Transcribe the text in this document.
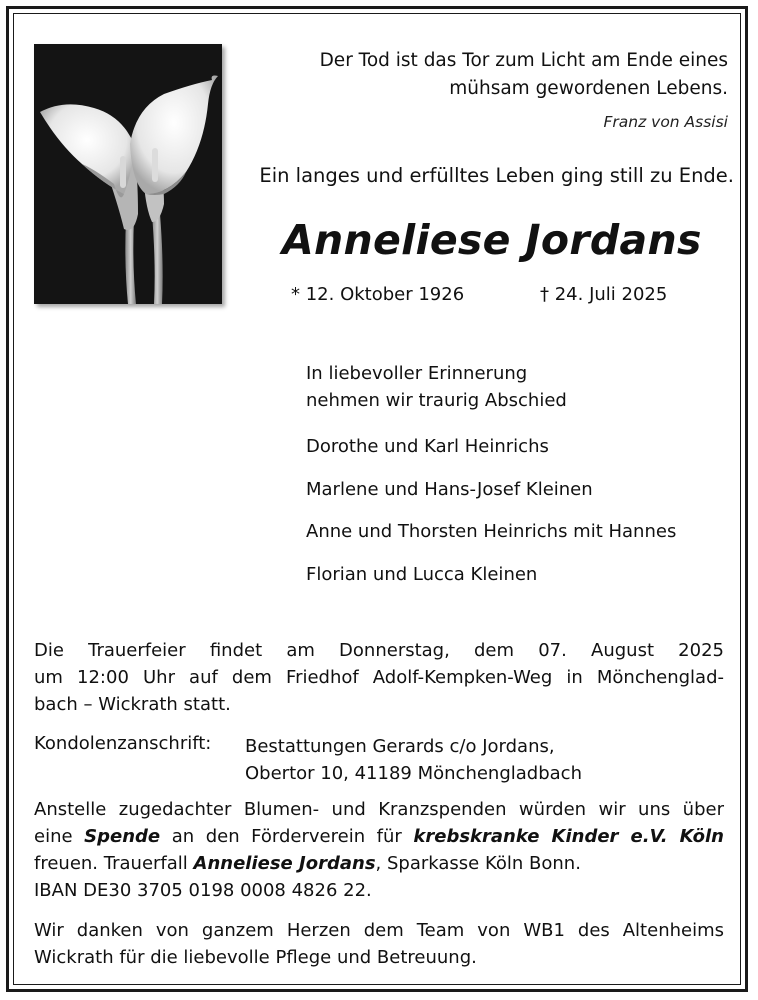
Der Tod ist das Tor zum Licht am Ende eines
mühsam gewordenen Lebens.
Franz von Assisi
Ein langes und erfülltes Leben ging still zu Ende.
Anneliese Jordans
* 12. Oktober 1926	† 24. Juli 2025
In liebevoller Erinnerung
nehmen wir traurig Abschied
Dorothe und Karl Heinrichs
Marlene und Hans-Josef Kleinen
Anne und Thorsten Heinrichs mit Hannes
Florian und Lucca Kleinen
Die Trauerfeier findet am Donnerstag, dem 07. August 2025
um 12:00 Uhr auf dem Friedhof Adolf-Kempken-Weg in Mönchenglad-
bach – Wickrath statt.
Kondolenzanschrift: Bestattungen Gerards c/o Jordans,
Obertor 10, 41189 Mönchengladbach
Anstelle zugedachter Blumen- und Kranzspenden würden wir uns über
eine Spende an den Förderverein für krebskranke Kinder e.V. Köln
freuen. Trauerfall Anneliese Jordans, Sparkasse Köln Bonn.
IBAN DE30 3705 0198 0008 4826 22.
Wir danken von ganzem Herzen dem Team von WB1 des Altenheims
Wickrath für die liebevolle Pflege und Betreuung.
